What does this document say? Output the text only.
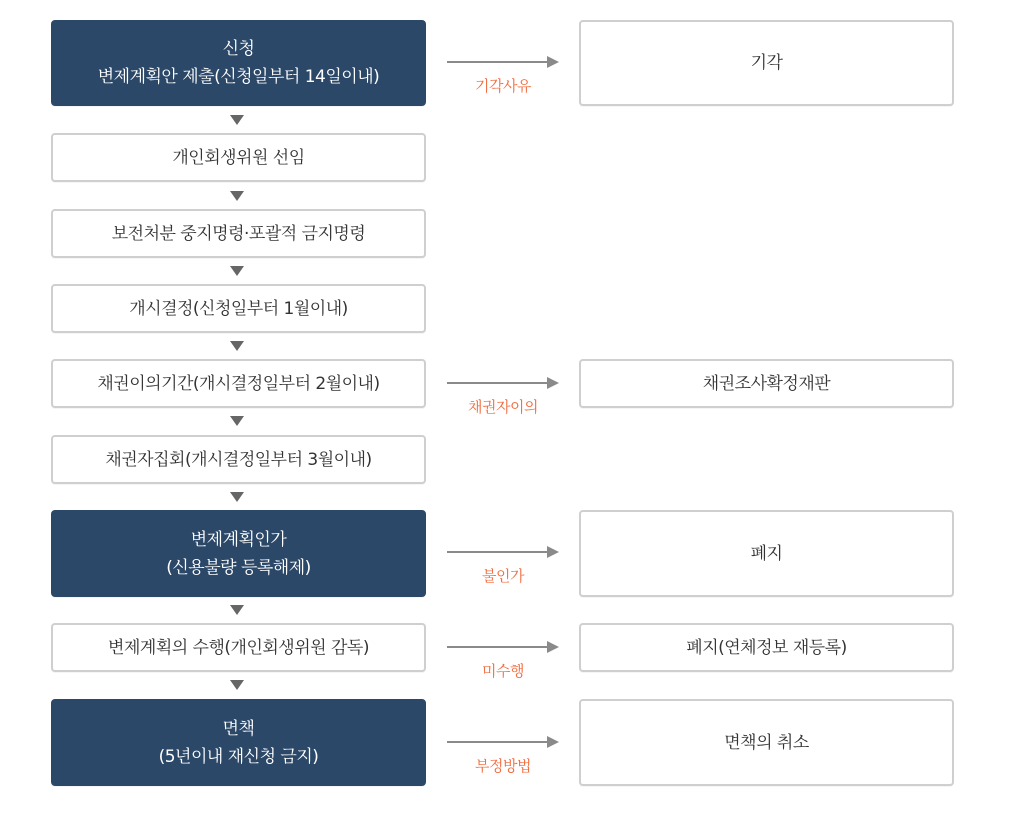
신청
변제계획안 제출(신청일부터 14일이내)
개인회생위원 선임
보전처분 중지명령·포괄적 금지명령
개시결정(신청일부터 1월이내)
채권이의기간(개시결정일부터 2월이내)
채권자집회(개시결정일부터 3월이내)
변제계획인가
(신용불량 등록해제)
변제계획의 수행(개인회생위원 감독)
면책
(5년이내 재신청 금지)
기각사유
기각
채권자이의
채권조사확정재판
불인가
폐지
미수행
폐지(연체정보 재등록)
부정방법
면책의 취소
